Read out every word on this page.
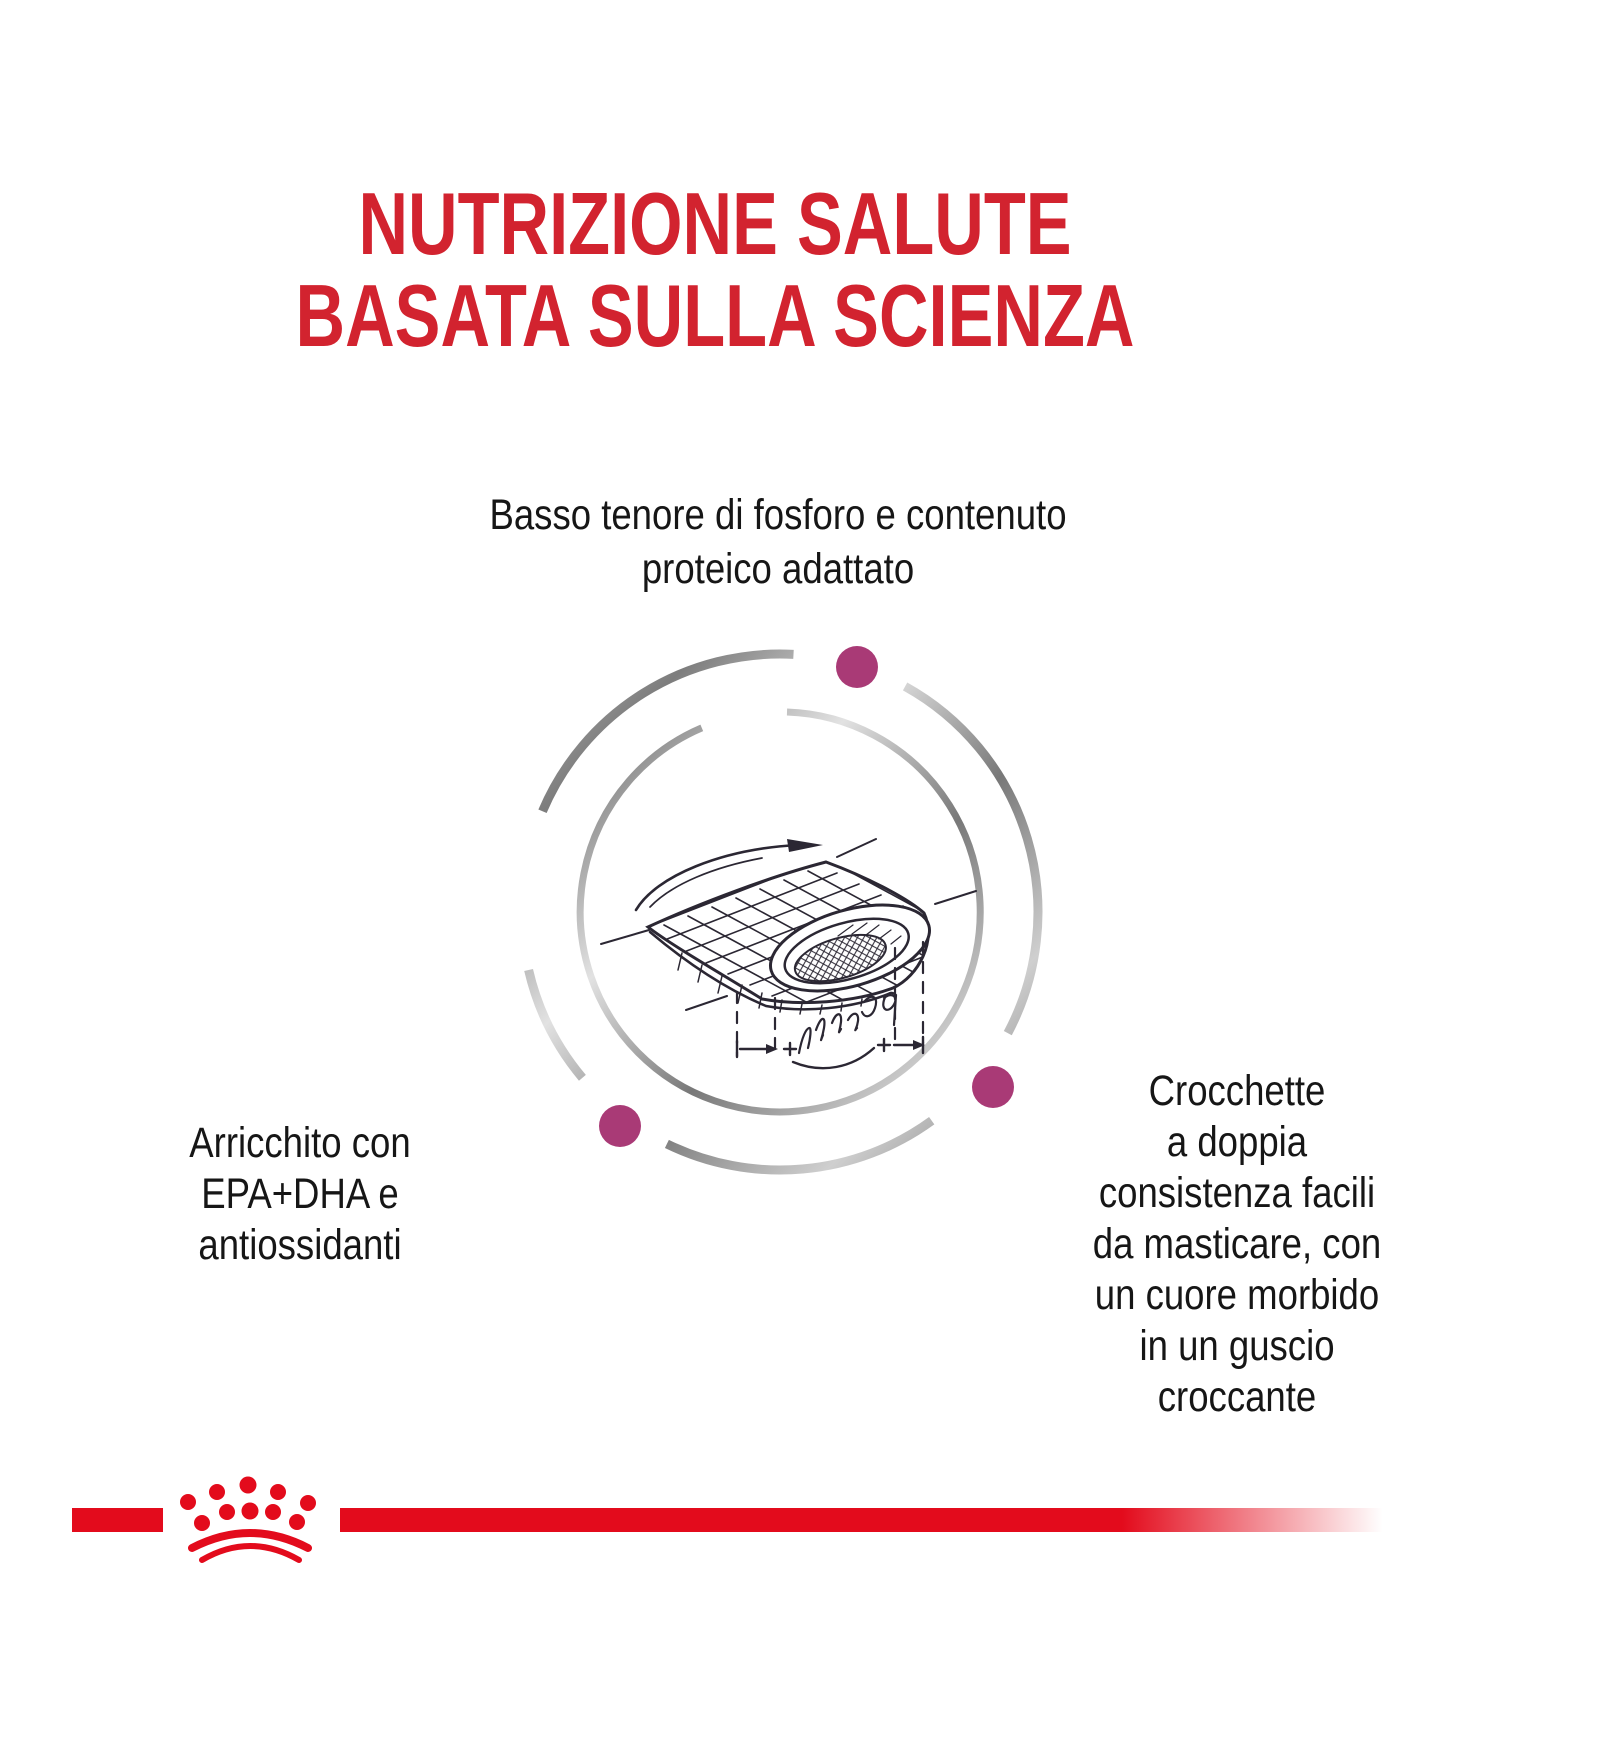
NUTRIZIONE SALUTE
BASATA SULLA SCIENZA
Basso tenore di fosforo e contenuto
proteico adattato
Arricchito con
EPA+DHA e
antiossidanti
Crocchette
a doppia
consistenza facili
da masticare, con
un cuore morbido
in un guscio
croccante
